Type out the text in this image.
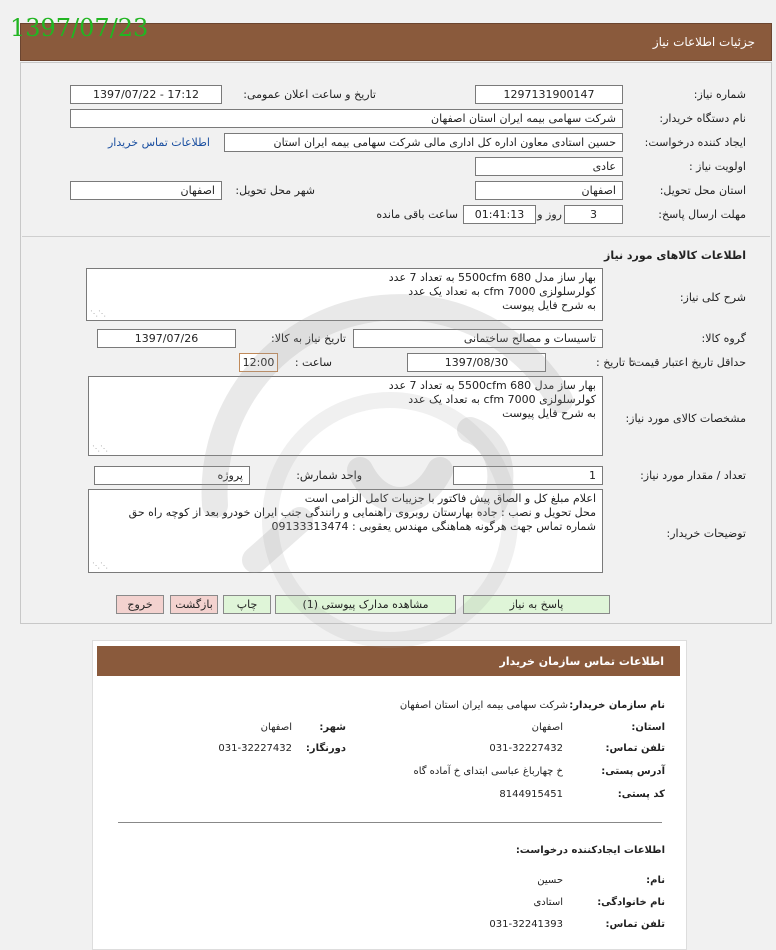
1397/07/23	جزئیات اطلاعات نیاز
شماره نیاز:
1297131900147
تاریخ و ساعت اعلان عمومی:
1397/07/22 - 17:12
نام دستگاه خریدار:
شرکت سهامی بیمه ایران استان اصفهان
ایجاد کننده درخواست:
حسین استادی معاون اداره کل اداری مالی شرکت سهامی بیمه ایران استان
اطلاعات تماس خریدار
اولویت نیاز :
عادی
استان محل تحویل:
اصفهان
شهر محل تحویل:
اصفهان
مهلت ارسال پاسخ:
3
روز و
01:41:13
ساعت باقی مانده
اطلاعات کالاهای مورد نیاز
شرح کلی نیاز:
بهار ساز مدل 5500cfm 680 به تعداد 7 عدد
کولرسلولزی cfm 7000 به تعداد یک عدد
به شرح فایل پیوست
⋰⋰
گروه کالا:
تاسیسات و مصالح ساختمانی
تاریخ نیاز به کالا:
1397/07/26
حداقل تاریخ اعتبار قیمت:
تا تاریخ :
1397/08/30
ساعت :
12:00
مشخصات کالای مورد نیاز:
بهار ساز مدل 5500cfm 680 به تعداد 7 عدد
کولرسلولزی cfm 7000 به تعداد یک عدد
به شرح فایل پیوست
⋰⋰
تعداد / مقدار مورد نیاز:
1
واحد شمارش:
پروژه
توضیحات خریدار:
اعلام مبلغ کل و الصاق پیش فاکتور با جزییات کامل الزامی است
محل تحویل و نصب : جاده بهارستان روبروی راهنمایی و رانندگی جنب ایران خودرو بعد از کوچه راه حق
شماره تماس جهت هرگونه هماهنگی مهندس یعقوبی : 09133313474
⋰⋰
پاسخ به نیاز
مشاهده مدارک پیوستی (1)
چاپ
بازگشت
خروج
اطلاعات تماس سازمان خریدار
نام سازمان خریدار:
شرکت سهامی بیمه ایران استان اصفهان
استان:
اصفهان
شهر:
اصفهان
تلفن تماس:
031-32227432
دورنگار:
031-32227432
آدرس پستی:
خ چهارباغ عباسی ابتدای خ آماده گاه
کد پستی:
8144915451
اطلاعات ایجادکننده درخواست:
نام:
حسین
نام خانوادگی:
استادی
تلفن تماس:
031-32241393
